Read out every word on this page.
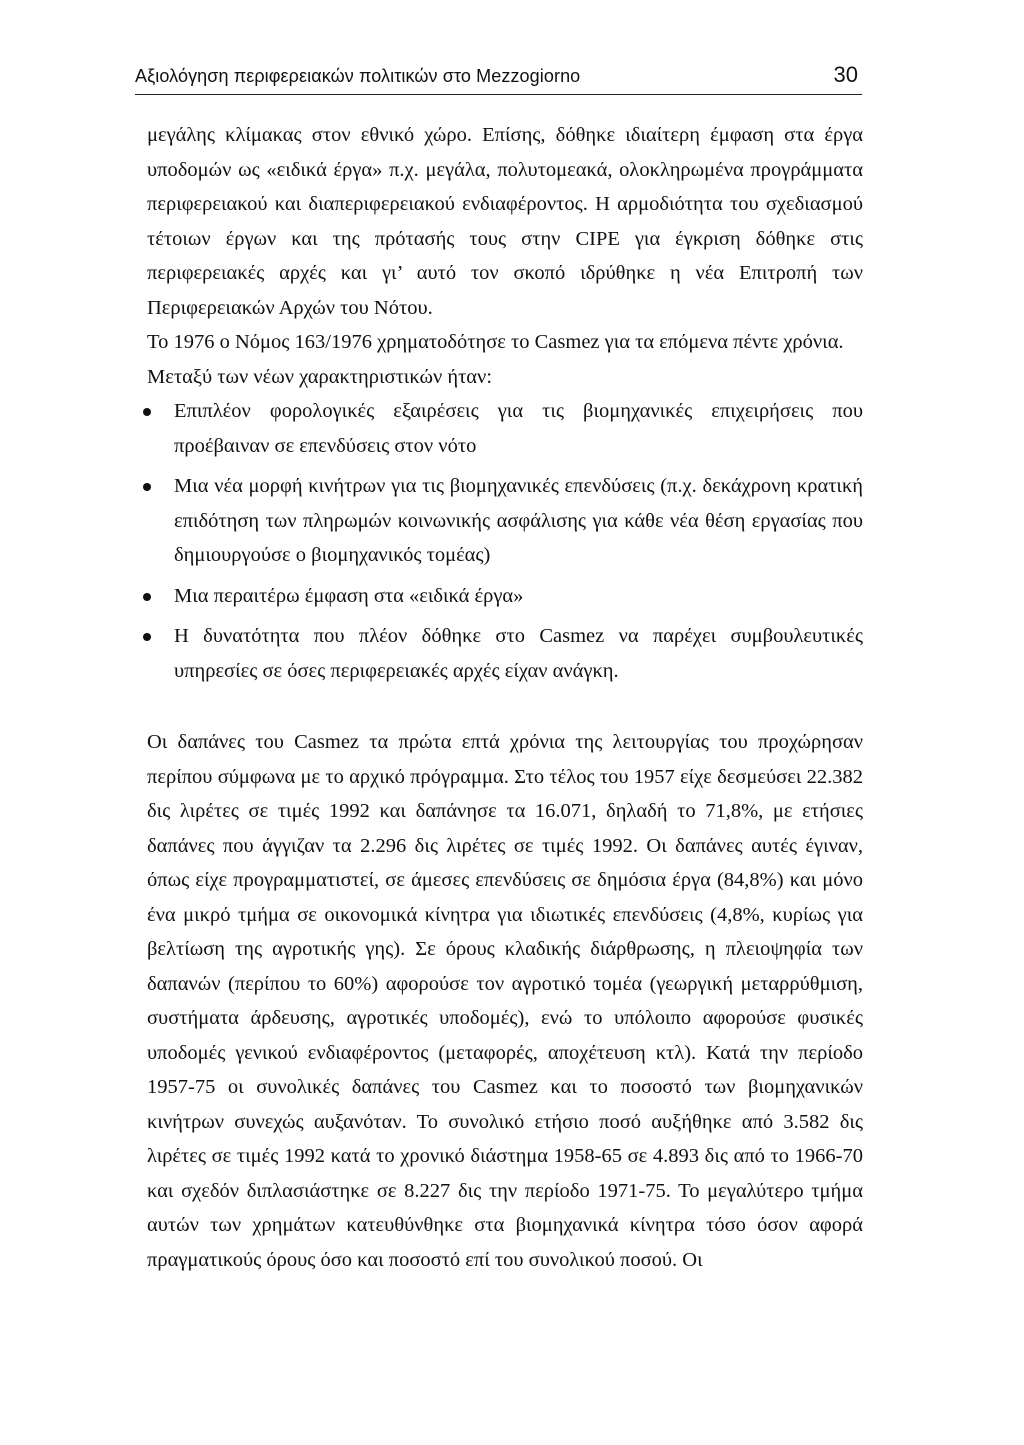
Αξιολόγηση περιφερειακών πολιτικών στο Mezzogiorno	30

μεγάλης κλίμακας στον εθνικό χώρο. Επίσης, δόθηκε ιδιαίτερη έμφαση στα έργα υποδομών ως «ειδικά έργα» π.χ. μεγάλα, πολυτομεακά, ολοκληρωμένα προγράμματα περιφερειακού και διαπεριφερειακού ενδιαφέροντος. Η αρμοδιότητα του σχεδιασμού τέτοιων έργων και της πρότασής τους στην CIPE για έγκριση δόθηκε στις περιφερειακές αρχές και γι’ αυτό τον σκοπό ιδρύθηκε η νέα Επιτροπή των Περιφερειακών Αρχών του Νότου.

Το 1976 ο Νόμος 163/1976 χρηματοδότησε το Casmez για τα επόμενα πέντε χρόνια.

Μεταξύ των νέων χαρακτηριστικών ήταν:

Επιπλέον φορολογικές εξαιρέσεις για τις βιομηχανικές επιχειρήσεις που προέβαιναν σε επενδύσεις στον νότο
Μια νέα μορφή κινήτρων για τις βιομηχανικές επενδύσεις (π.χ. δεκάχρονη κρατική επιδότηση των πληρωμών κοινωνικής ασφάλισης για κάθε νέα θέση εργασίας που δημιουργούσε ο βιομηχανικός τομέας)
Μια περαιτέρω έμφαση στα «ειδικά έργα»
Η δυνατότητα που πλέον δόθηκε στο Casmez να παρέχει συμβουλευτικές υπηρεσίες σε όσες περιφερειακές αρχές είχαν ανάγκη.

Οι δαπάνες του Casmez τα πρώτα επτά χρόνια της λειτουργίας του προχώρησαν περίπου σύμφωνα με το αρχικό πρόγραμμα. Στο τέλος του 1957 είχε δεσμεύσει 22.382 δις λιρέτες σε τιμές 1992 και δαπάνησε τα 16.071, δηλαδή το 71,8%, με ετήσιες δαπάνες που άγγιζαν τα 2.296 δις λιρέτες σε τιμές 1992. Οι δαπάνες αυτές έγιναν, όπως είχε προγραμματιστεί, σε άμεσες επενδύσεις σε δημόσια έργα (84,8%) και μόνο ένα μικρό τμήμα σε οικονομικά κίνητρα για ιδιωτικές επενδύσεις (4,8%, κυρίως για βελτίωση της αγροτικής γης). Σε όρους κλαδικής διάρθρωσης, η πλειοψηφία των δαπανών (περίπου το 60%) αφορούσε τον αγροτικό τομέα (γεωργική μεταρρύθμιση, συστήματα άρδευσης, αγροτικές υποδομές), ενώ το υπόλοιπο αφορούσε φυσικές υποδομές γενικού ενδιαφέροντος (μεταφορές, αποχέτευση κτλ). Κατά την περίοδο 1957-75 οι συνολικές δαπάνες του Casmez και το ποσοστό των βιομηχανικών κινήτρων συνεχώς αυξανόταν. Το συνολικό ετήσιο ποσό αυξήθηκε από 3.582 δις λιρέτες σε τιμές 1992 κατά το χρονικό διάστημα 1958-65 σε 4.893 δις από το 1966-70 και σχεδόν διπλασιάστηκε σε 8.227 δις την περίοδο 1971-75. Το μεγαλύτερο τμήμα αυτών των χρημάτων κατευθύνθηκε στα βιομηχανικά κίνητρα τόσο όσον αφορά πραγματικούς όρους όσο και ποσοστό επί του συνολικού ποσού. Οι
